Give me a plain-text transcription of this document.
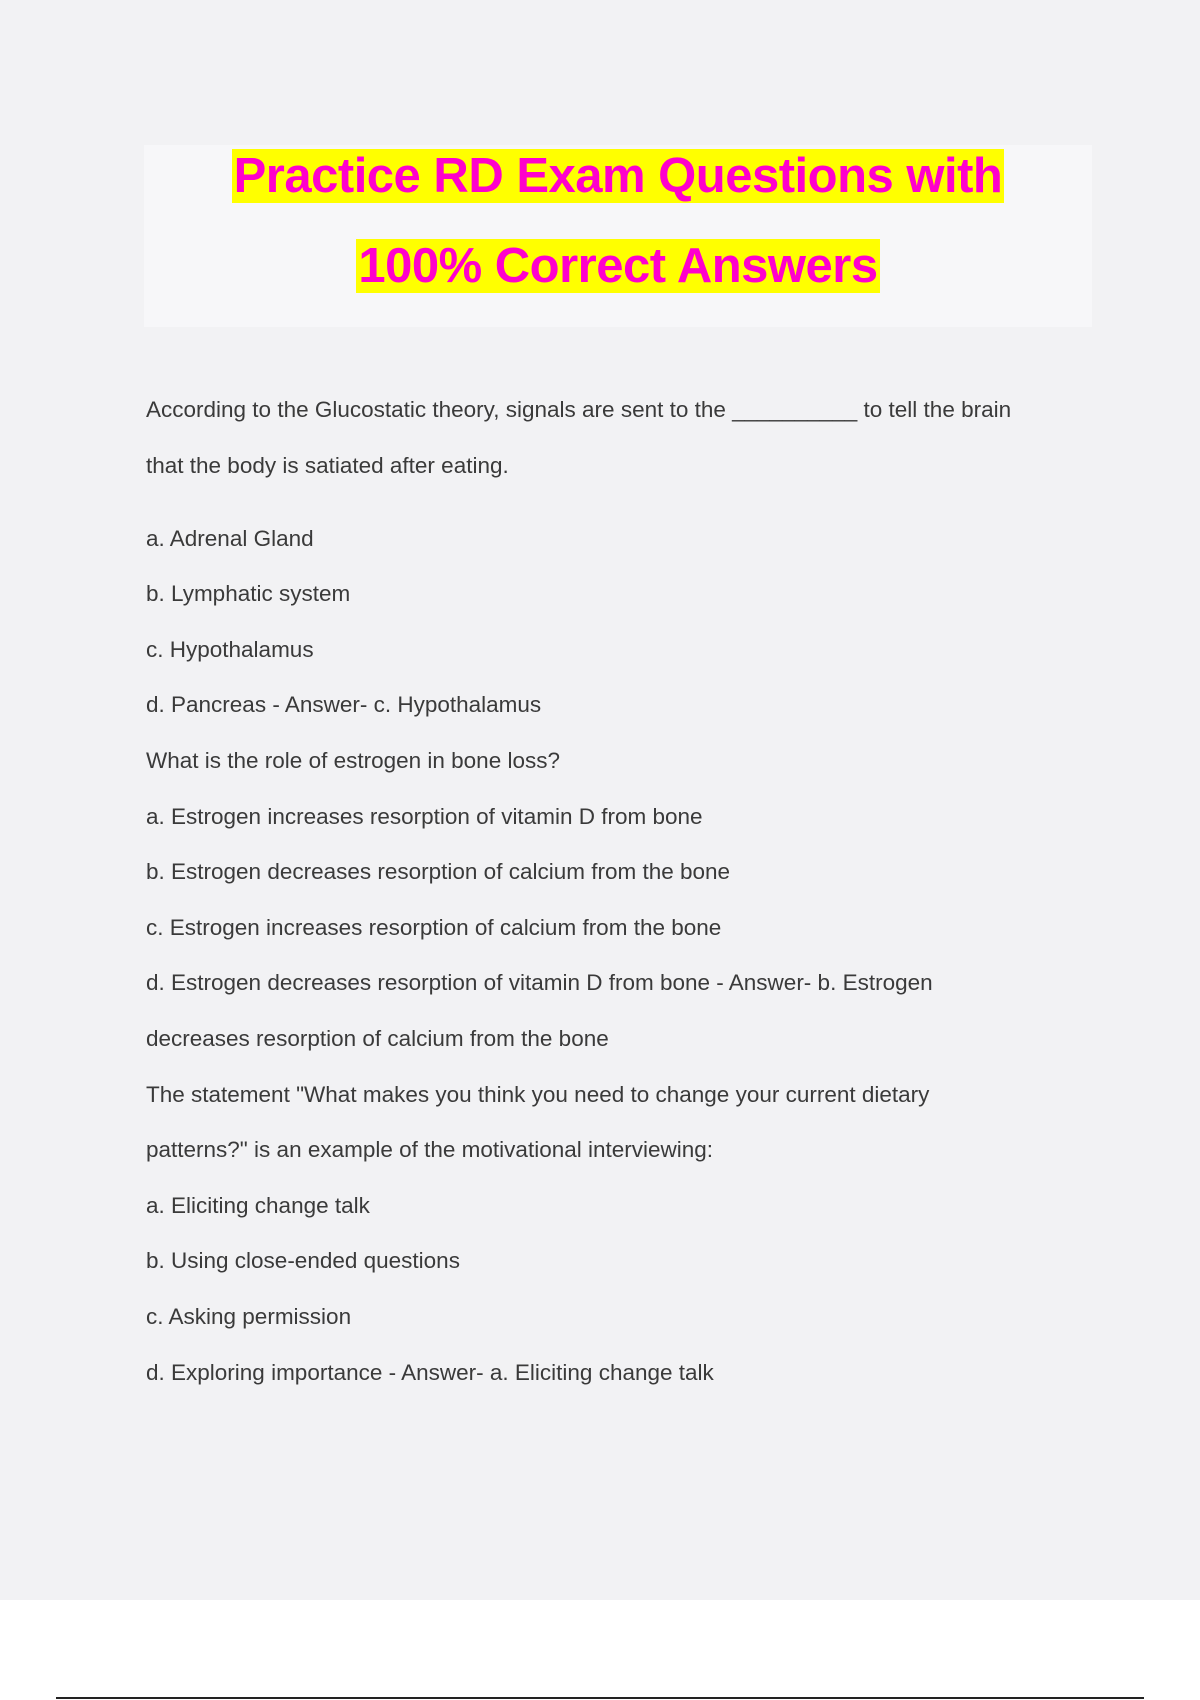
Practice RD Exam Questions with
100% Correct Answers
According to the Glucostatic theory, signals are sent to the __________ to tell the brain
that the body is satiated after eating.
a. Adrenal Gland
b. Lymphatic system
c. Hypothalamus
d. Pancreas - Answer- c. Hypothalamus
What is the role of estrogen in bone loss?
a. Estrogen increases resorption of vitamin D from bone
b. Estrogen decreases resorption of calcium from the bone
c. Estrogen increases resorption of calcium from the bone
d. Estrogen decreases resorption of vitamin D from bone - Answer- b. Estrogen
decreases resorption of calcium from the bone
The statement "What makes you think you need to change your current dietary
patterns?" is an example of the motivational interviewing:
a. Eliciting change talk
b. Using close-ended questions
c. Asking permission
d. Exploring importance - Answer- a. Eliciting change talk
